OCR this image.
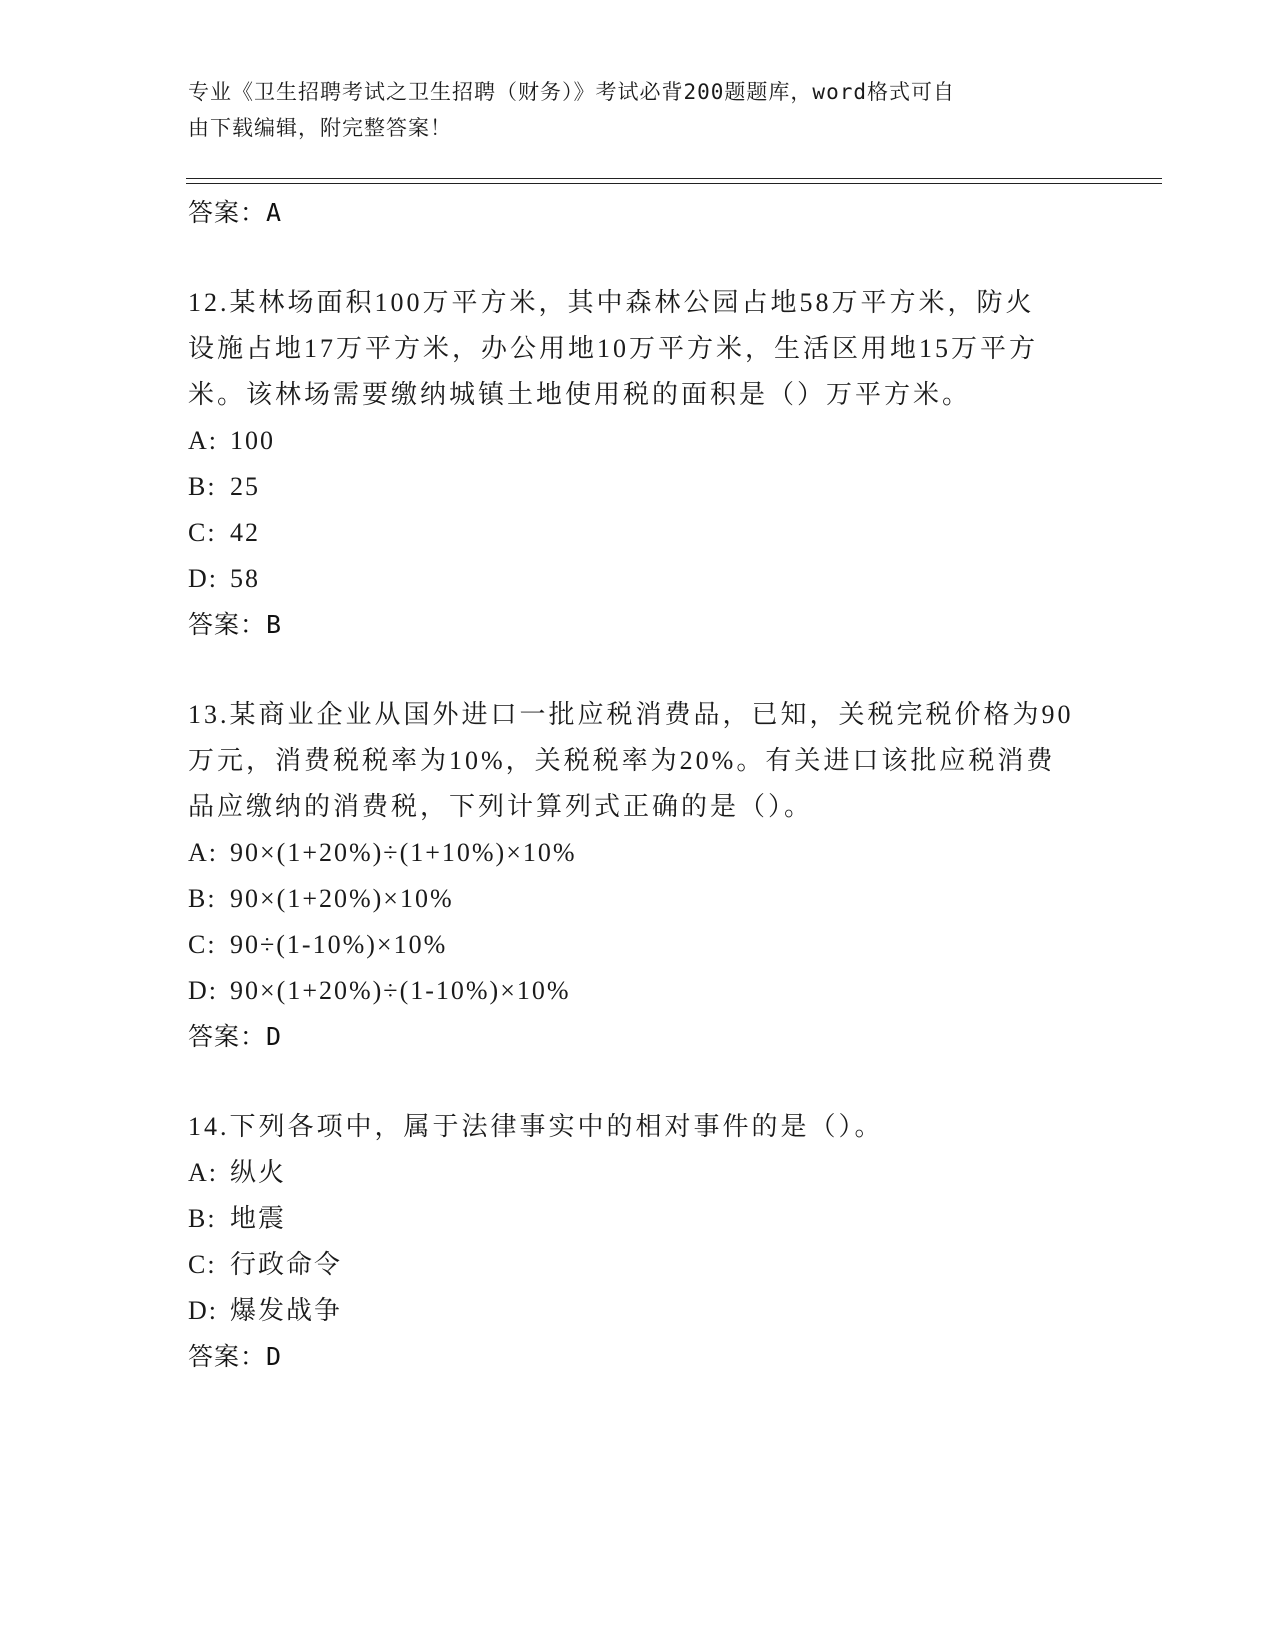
专业《卫生招聘考试之卫生招聘（财务）》考试必背200题题库，word格式可自
由下载编辑，附完整答案！
答案：A
12.某林场面积100万平方米，其中森林公园占地58万平方米，防火
设施占地17万平方米，办公用地10万平方米，生活区用地15万平方
米。该林场需要缴纳城镇土地使用税的面积是（）万平方米。
A: 100
B: 25
C: 42
D: 58
答案：B
13.某商业企业从国外进口一批应税消费品，已知，关税完税价格为90
万元，消费税税率为10%，关税税率为20%。有关进口该批应税消费
品应缴纳的消费税，下列计算列式正确的是（）。
A: 90×(1+20%)÷(1+10%)×10%
B: 90×(1+20%)×10%
C: 90÷(1-10%)×10%
D: 90×(1+20%)÷(1-10%)×10%
答案：D
14.下列各项中，属于法律事实中的相对事件的是（）。
A: 纵火
B: 地震
C: 行政命令
D: 爆发战争
答案：D
